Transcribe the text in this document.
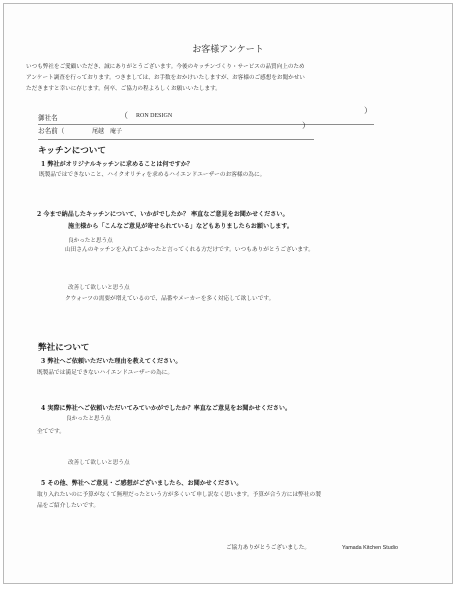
お客様アンケート
いつも弊社をご愛顧いただき、誠にありがとうございます。今後のキッチンづくり・サービスの品質向上のため
アンケート調査を行っております。つきましては、お手数をおかけいたしますが、お客様のご感想をお聞かせい
ただきますと幸いに存じます。何卒、ご協力の程よろしくお願いいたします。
御社名	（ RON DESIGN
）
お名前（	尾越　庵子
）
キッチンについて
1 弊社がオリジナルキッチンに求めることは何ですか？
既製品ではできないこと、ハイクオリティを求めるハイエンドユーザーのお客様の為に。
2 今まで納品したキッチンについて、いかがでしたか？ 率直なご意見をお聞かせください。
施主様から「こんなご意見が寄せられている」などもありましたらお願いします。
良かったと思う点
山田さんのキッチンを入れてよかったと言ってくれる方だけです。いつもありがとうございます。
改善して欲しいと思う点
クウォーツの需要が増えているので、品番やメーカーを多く対応して欲しいです。
弊社について
3 弊社へご依頼いただいた理由を教えてください。
既製品では満足できないハイエンドユーザーの為に。
4 実際に弊社へご依頼いただいてみていかがでしたか？率直なご意見をお聞かせください。
良かったと思う点
全てです。
改善して欲しいと思う点
5 その他、弊社へご意見・ご感想がございましたら、お聞かせください。
取り入れたいのに予算がなくて無理だったという方が多くいて申し訳なく思います。予算が合う方には弊社の製
品をご紹介したいです。
ご協力ありがとうございました。	Yamada Kitchen Studio
